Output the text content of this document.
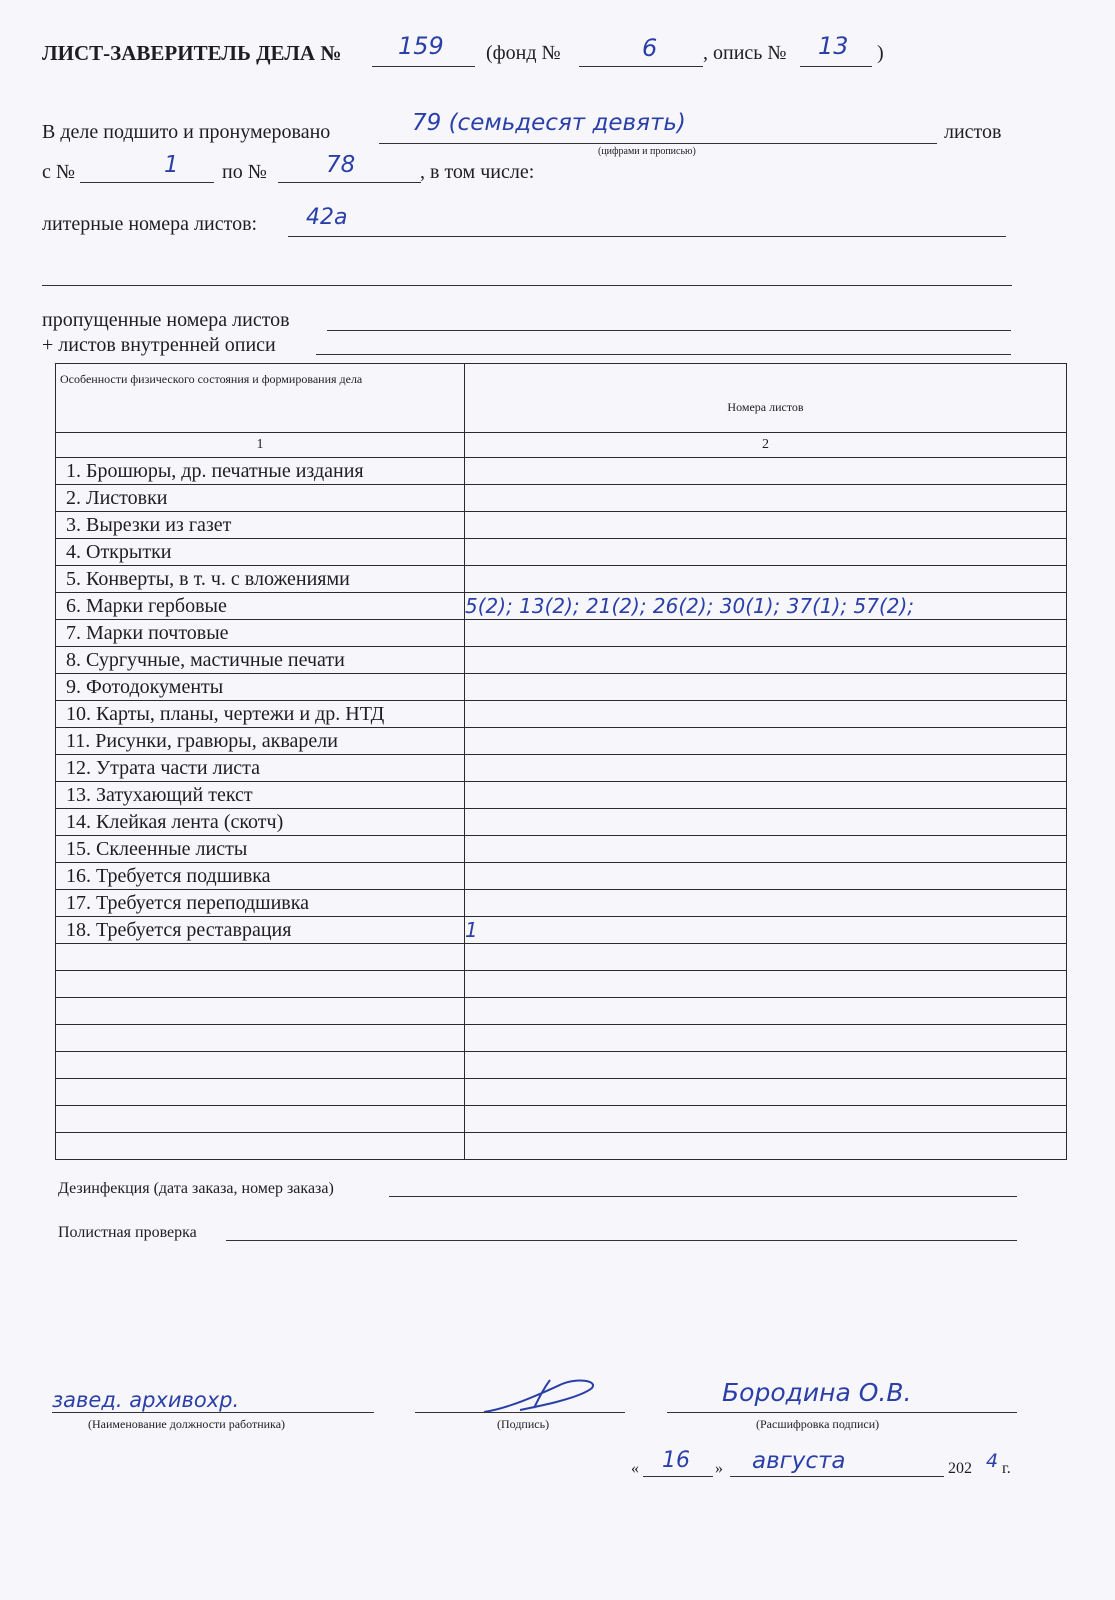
ЛИСТ-ЗАВЕРИТЕЛЬ ДЕЛА № 159 (фонд №	6 , опись № 13 )
В деле подшито и пронумеровано	79 (семьдесят девять)
(цифрами и прописью)
листов
с №	1 по №	78	, в том числе:
литерные номера листов: 42а
пропущенные номера листов
+ листов внутренней описи
Особенности физического состояния и формирования дела	Номера листов
1	2
1. Брошюры, др. печатные издания	
2. Листовки	
3. Вырезки из газет	
4. Открытки	
5. Конверты, в т. ч. с вложениями	
6. Марки гербовые	5(2); 13(2); 21(2); 26(2); 30(1); 37(1); 57(2);
7. Марки почтовые	
8. Сургучные, мастичные печати	
9. Фотодокументы	
10. Карты, планы, чертежи и др. НТД	
11. Рисунки, гравюры, акварели	
12. Утрата части листа	
13. Затухающий текст	
14. Клейкая лента (скотч)	
15. Склеенные листы	
16. Требуется подшивка	
17. Требуется переподшивка	
18. Требуется реставрация	1

Дезинфекция (дата заказа, номер заказа)
Полистная проверка
завед. архивохр.
(Наименование должности работника)	(Подпись)
Бородина О.В.
(Расшифровка подписи)
« 16 » августа	202 4 г.
